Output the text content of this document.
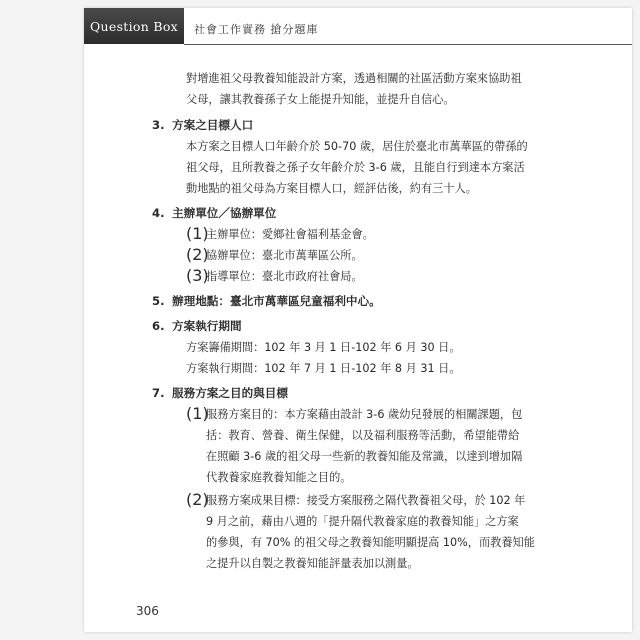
Question Box 社會工作實務 搶分題庫

對增進祖父母教養知能設計方案，透過相關的社區活動方案來協助祖

父母，讓其教養孫子女上能提升知能，並提升自信心。

3. 方案之目標人口

本方案之目標人口年齡介於 50-70 歲，居住於臺北市萬華區的帶孫的

祖父母，且所教養之孫子女年齡介於 3-6 歲，且能自行到達本方案活

動地點的祖父母為方案目標人口，經評估後，約有三十人。

4. 主辦單位／協辦單位

(1)

主辦單位：愛鄉社會福利基金會。

(2)

協辦單位：臺北市萬華區公所。

(3)

指導單位：臺北市政府社會局。

5. 辦理地點：臺北市萬華區兒童福利中心。

6. 方案執行期間

方案籌備期間：102 年 3 月 1 日-102 年 6 月 30 日。

方案執行期間：102 年 7 月 1 日-102 年 8 月 31 日。

7. 服務方案之目的與目標

(1)

服務方案目的：本方案藉由設計 3-6 歲幼兒發展的相關課題，包

括：教育、營養、衛生保健，以及福利服務等活動，希望能帶給

在照顧 3-6 歲的祖父母一些新的教養知能及常識，以達到增加隔

代教養家庭教養知能之目的。

(2)

服務方案成果目標：接受方案服務之隔代教養祖父母，於 102 年

9 月之前，藉由八週的「提升隔代教養家庭的教養知能」之方案

的參與，有 70% 的祖父母之教養知能明顯提高 10%，而教養知能

之提升以自製之教養知能評量表加以測量。

306
